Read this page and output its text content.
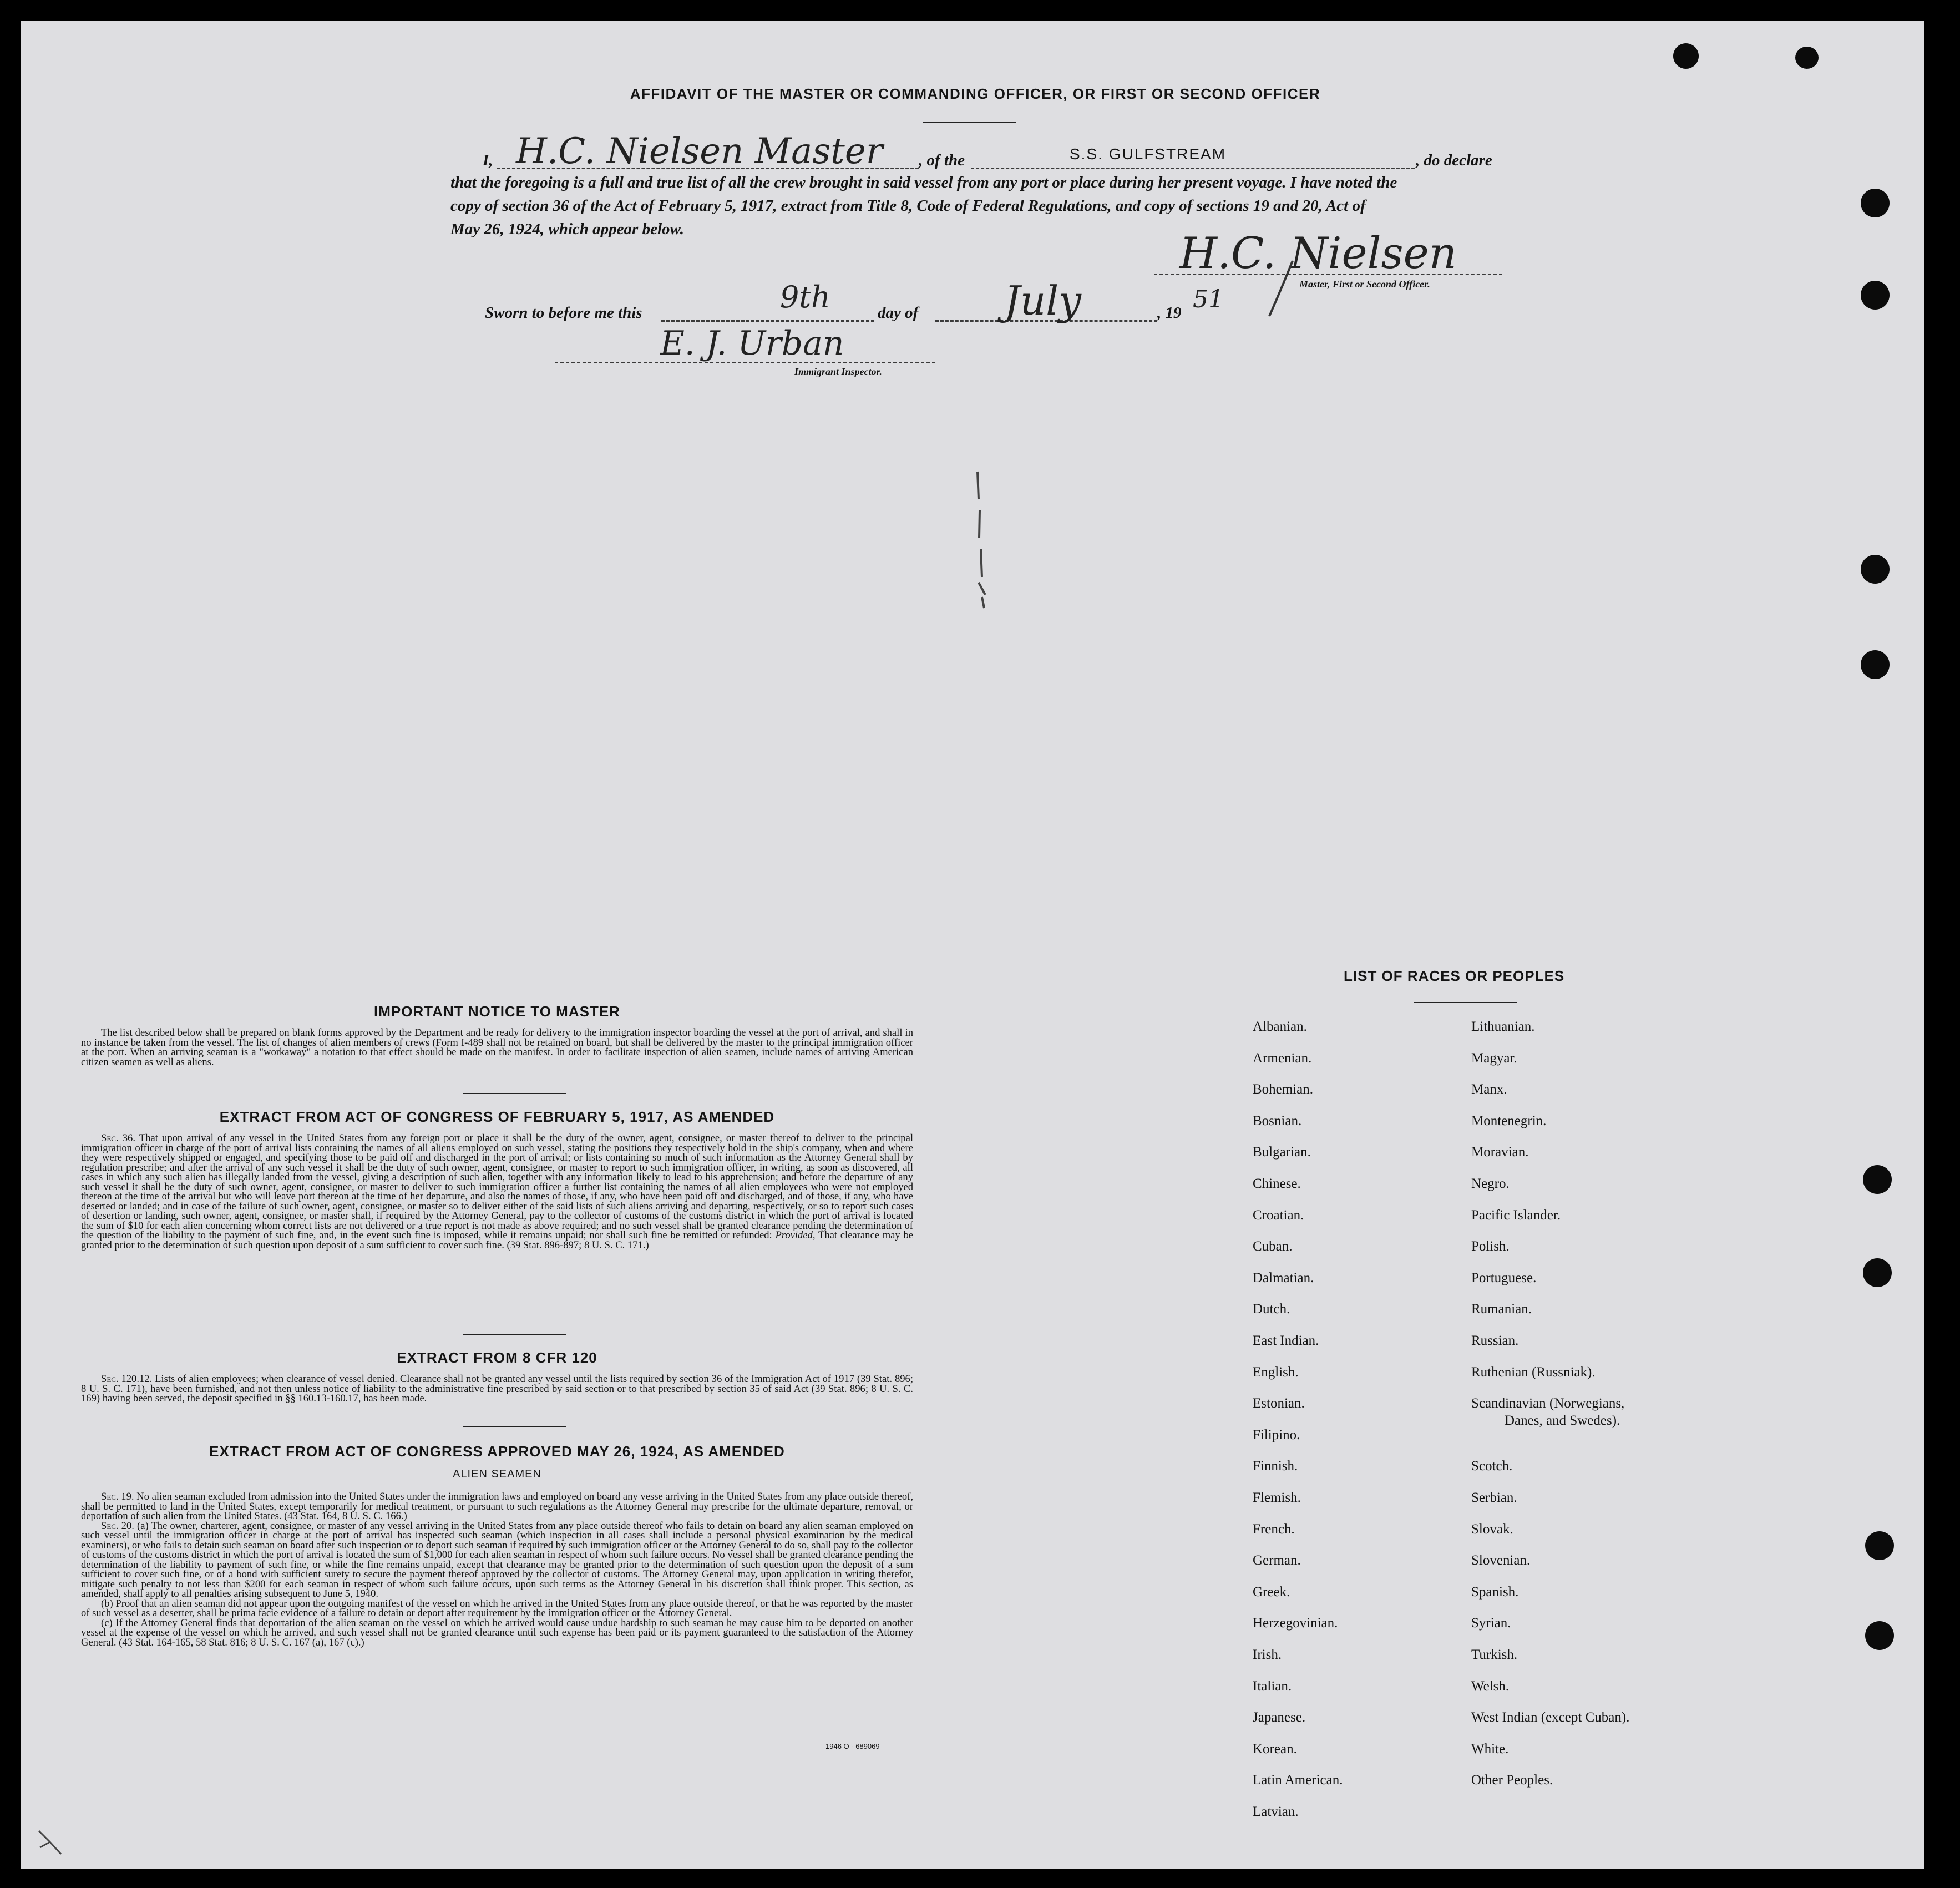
AFFIDAVIT OF THE MASTER OR COMMANDING OFFICER, OR FIRST OR SECOND OFFICER
I, H.C. Nielsen Master , of the	S.S. GULFSTREAM	, do declare
that the foregoing is a full and true list of all the crew brought in said vessel from any port or place during her present voyage. I have noted the
copy of section 36 of the Act of February 5, 1917, extract from Title 8, Code of Federal Regulations, and copy of sections 19 and 20, Act of
May 26, 1924, which appear below.	H.C. Nielsen
Master, First or Second Officer.
Sworn to before me this	9th	day of July	, 19 51
E. J. Urban
Immigrant Inspector.
IMPORTANT NOTICE TO MASTER

The list described below shall be prepared on blank forms approved by the Department and be ready for delivery to the immigration inspector boarding the vessel at the port of arrival, and shall in no instance be taken from the vessel. The list of changes of alien members of crews (Form I-489 shall not be retained on board, but shall be delivered by the master to the principal immigration officer at the port. When an arriving seaman is a "workaway" a notation to that effect should be made on the manifest. In order to facilitate inspection of alien seamen, include names of arriving American citizen seamen as well as aliens.

EXTRACT FROM ACT OF CONGRESS OF FEBRUARY 5, 1917, AS AMENDED

Sec. 36. That upon arrival of any vessel in the United States from any foreign port or place it shall be the duty of the owner, agent, consignee, or master thereof to deliver to the principal immigration officer in charge of the port of arrival lists containing the names of all aliens employed on such vessel, stating the positions they respectively hold in the ship's company, when and where they were respectively shipped or engaged, and specifying those to be paid off and discharged in the port of arrival; or lists containing so much of such information as the Attorney General shall by regulation prescribe; and after the arrival of any such vessel it shall be the duty of such owner, agent, consignee, or master to report to such immigration officer, in writing, as soon as discovered, all cases in which any such alien has illegally landed from the vessel, giving a description of such alien, together with any information likely to lead to his apprehension; and before the departure of any such vessel it shall be the duty of such owner, agent, consignee, or master to deliver to such immigration officer a further list containing the names of all alien employees who were not employed thereon at the time of the arrival but who will leave port thereon at the time of her departure, and also the names of those, if any, who have been paid off and discharged, and of those, if any, who have deserted or landed; and in case of the failure of such owner, agent, consignee, or master so to deliver either of the said lists of such aliens arriving and departing, respectively, or so to report such cases of desertion or landing, such owner, agent, consignee, or master shall, if required by the Attorney General, pay to the collector of customs of the customs district in which the port of arrival is located the sum of $10 for each alien concerning whom correct lists are not delivered or a true report is not made as above required; and no such vessel shall be granted clearance pending the determination of the question of the liability to the payment of such fine, and, in the event such fine is imposed, while it remains unpaid; nor shall such fine be remitted or refunded: Provided, That clearance may be granted prior to the determination of such question upon deposit of a sum sufficient to cover such fine. (39 Stat. 896-897; 8 U. S. C. 171.)

EXTRACT FROM 8 CFR 120

Sec. 120.12. Lists of alien employees; when clearance of vessel denied. Clearance shall not be granted any vessel until the lists required by section 36 of the Immigration Act of 1917 (39 Stat. 896; 8 U. S. C. 171), have been furnished, and not then unless notice of liability to the administrative fine prescribed by said section or to that prescribed by section 35 of said Act (39 Stat. 896; 8 U. S. C. 169) having been served, the deposit specified in §§ 160.13-160.17, has been made.

EXTRACT FROM ACT OF CONGRESS APPROVED MAY 26, 1924, AS AMENDED
ALIEN SEAMEN

Sec. 19. No alien seaman excluded from admission into the United States under the immigration laws and employed on board any vesse arriving in the United States from any place outside thereof, shall be permitted to land in the United States, except temporarily for medical treatment, or pursuant to such regulations as the Attorney General may prescribe for the ultimate departure, removal, or deportation of such alien from the United States. (43 Stat. 164, 8 U. S. C. 166.)

Sec. 20. (a) The owner, charterer, agent, consignee, or master of any vessel arriving in the United States from any place outside thereof who fails to detain on board any alien seaman employed on such vessel until the immigration officer in charge at the port of arrival has inspected such seaman (which inspection in all cases shall include a personal physical examination by the medical examiners), or who fails to detain such seaman on board after such inspection or to deport such seaman if required by such immigration officer or the Attorney General to do so, shall pay to the collector of customs of the customs district in which the port of arrival is located the sum of $1,000 for each alien seaman in respect of whom such failure occurs. No vessel shall be granted clearance pending the determination of the liability to payment of such fine, or while the fine remains unpaid, except that clearance may be granted prior to the determination of such question upon the deposit of a sum sufficient to cover such fine, or of a bond with sufficient surety to secure the payment thereof approved by the collector of customs. The Attorney General may, upon application in writing therefor, mitigate such penalty to not less than $200 for each seaman in respect of whom such failure occurs, upon such terms as the Attorney General in his discretion shall think proper. This section, as amended, shall apply to all penalties arising subsequent to June 5, 1940.

(b) Proof that an alien seaman did not appear upon the outgoing manifest of the vessel on which he arrived in the United States from any place outside thereof, or that he was reported by the master of such vessel as a deserter, shall be prima facie evidence of a failure to detain or deport after requirement by the immigration officer or the Attorney General.

(c) If the Attorney General finds that deportation of the alien seaman on the vessel on which he arrived would cause undue hardship to such seaman he may cause him to be deported on another vessel at the expense of the vessel on which he arrived, and such vessel shall not be granted clearance until such expense has been paid or its payment guaranteed to the satisfaction of the Attorney General. (43 Stat. 164-165, 58 Stat. 816; 8 U. S. C. 167 (a), 167 (c).)

1946 O - 689069
LIST OF RACES OR PEOPLES
Albanian.
Armenian.
Bohemian.
Bosnian.
Bulgarian.
Chinese.
Croatian.
Cuban.
Dalmatian.
Dutch.
East Indian.
English.
Estonian.
Filipino.
Finnish.
Flemish.
French.
German.
Greek.
Herzegovinian.
Irish.
Italian.
Japanese.
Korean.
Latin American.
Latvian.
Lithuanian.
Magyar.
Manx.
Montenegrin.
Moravian.
Negro.
Pacific Islander.
Polish.
Portuguese.
Rumanian.
Russian.
Ruthenian (Russniak).
Scandinavian (Norwegians,
Danes, and Swedes).
Scotch.
Serbian.
Slovak.
Slovenian.
Spanish.
Syrian.
Turkish.
Welsh.
West Indian (except Cuban).
White.
Other Peoples.
